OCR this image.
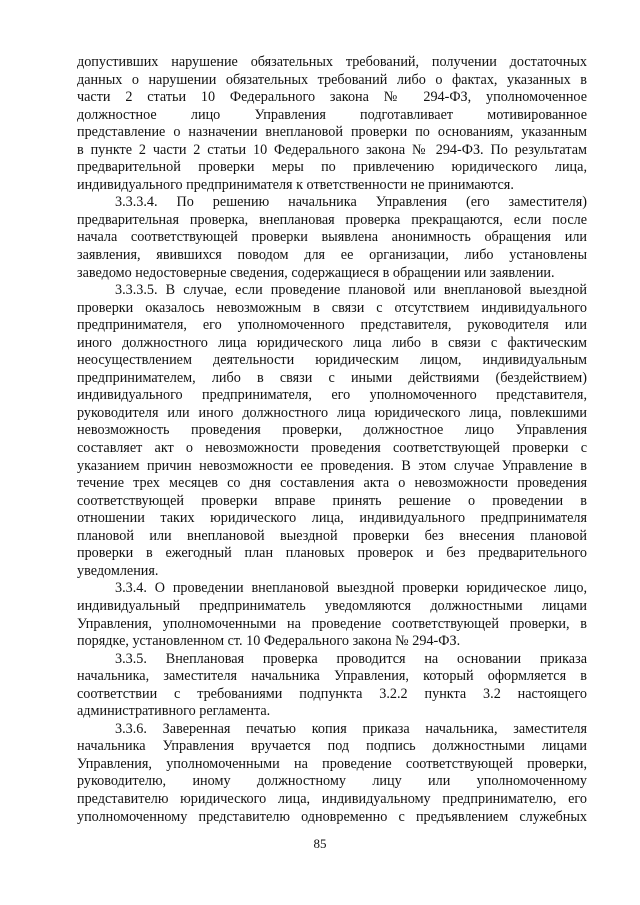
допустивших нарушение обязательных требований, получении достаточных
данных о нарушении обязательных требований либо о фактах, указанных в
части 2 статьи 10 Федерального закона № 294-ФЗ, уполномоченное
должностное лицо Управления подготавливает мотивированное
представление о назначении внеплановой проверки по основаниям, указанным
в пункте 2 части 2 статьи 10 Федерального закона № 294-ФЗ. По результатам
предварительной проверки меры по привлечению юридического лица,
индивидуального предпринимателя к ответственности не принимаются.
3.3.3.4. По решению начальника Управления (его заместителя)
предварительная проверка, внеплановая проверка прекращаются, если после
начала соответствующей проверки выявлена анонимность обращения или
заявления, явившихся поводом для ее организации, либо установлены
заведомо недостоверные сведения, содержащиеся в обращении или заявлении.
3.3.3.5. В случае, если проведение плановой или внеплановой выездной
проверки оказалось невозможным в связи с отсутствием индивидуального
предпринимателя, его уполномоченного представителя, руководителя или
иного должностного лица юридического лица либо в связи с фактическим
неосуществлением деятельности юридическим лицом, индивидуальным
предпринимателем, либо в связи с иными действиями (бездействием)
индивидуального предпринимателя, его уполномоченного представителя,
руководителя или иного должностного лица юридического лица, повлекшими
невозможность проведения проверки, должностное лицо Управления
составляет акт о невозможности проведения соответствующей проверки с
указанием причин невозможности ее проведения. В этом случае Управление в
течение трех месяцев со дня составления акта о невозможности проведения
соответствующей проверки вправе принять решение о проведении в
отношении таких юридического лица, индивидуального предпринимателя
плановой или внеплановой выездной проверки без внесения плановой
проверки в ежегодный план плановых проверок и без предварительного
уведомления.
3.3.4. О проведении внеплановой выездной проверки юридическое лицо,
индивидуальный предприниматель уведомляются должностными лицами
Управления, уполномоченными на проведение соответствующей проверки, в
порядке, установленном ст. 10 Федерального закона № 294-ФЗ.
3.3.5. Внеплановая проверка проводится на основании приказа
начальника, заместителя начальника Управления, который оформляется в
соответствии с требованиями подпункта 3.2.2 пункта 3.2 настоящего
административного регламента.
3.3.6. Заверенная печатью копия приказа начальника, заместителя
начальника Управления вручается под подпись должностными лицами
Управления, уполномоченными на проведение соответствующей проверки,
руководителю, иному должностному лицу или уполномоченному
представителю юридического лица, индивидуальному предпринимателю, его
уполномоченному представителю одновременно с предъявлением служебных
85
